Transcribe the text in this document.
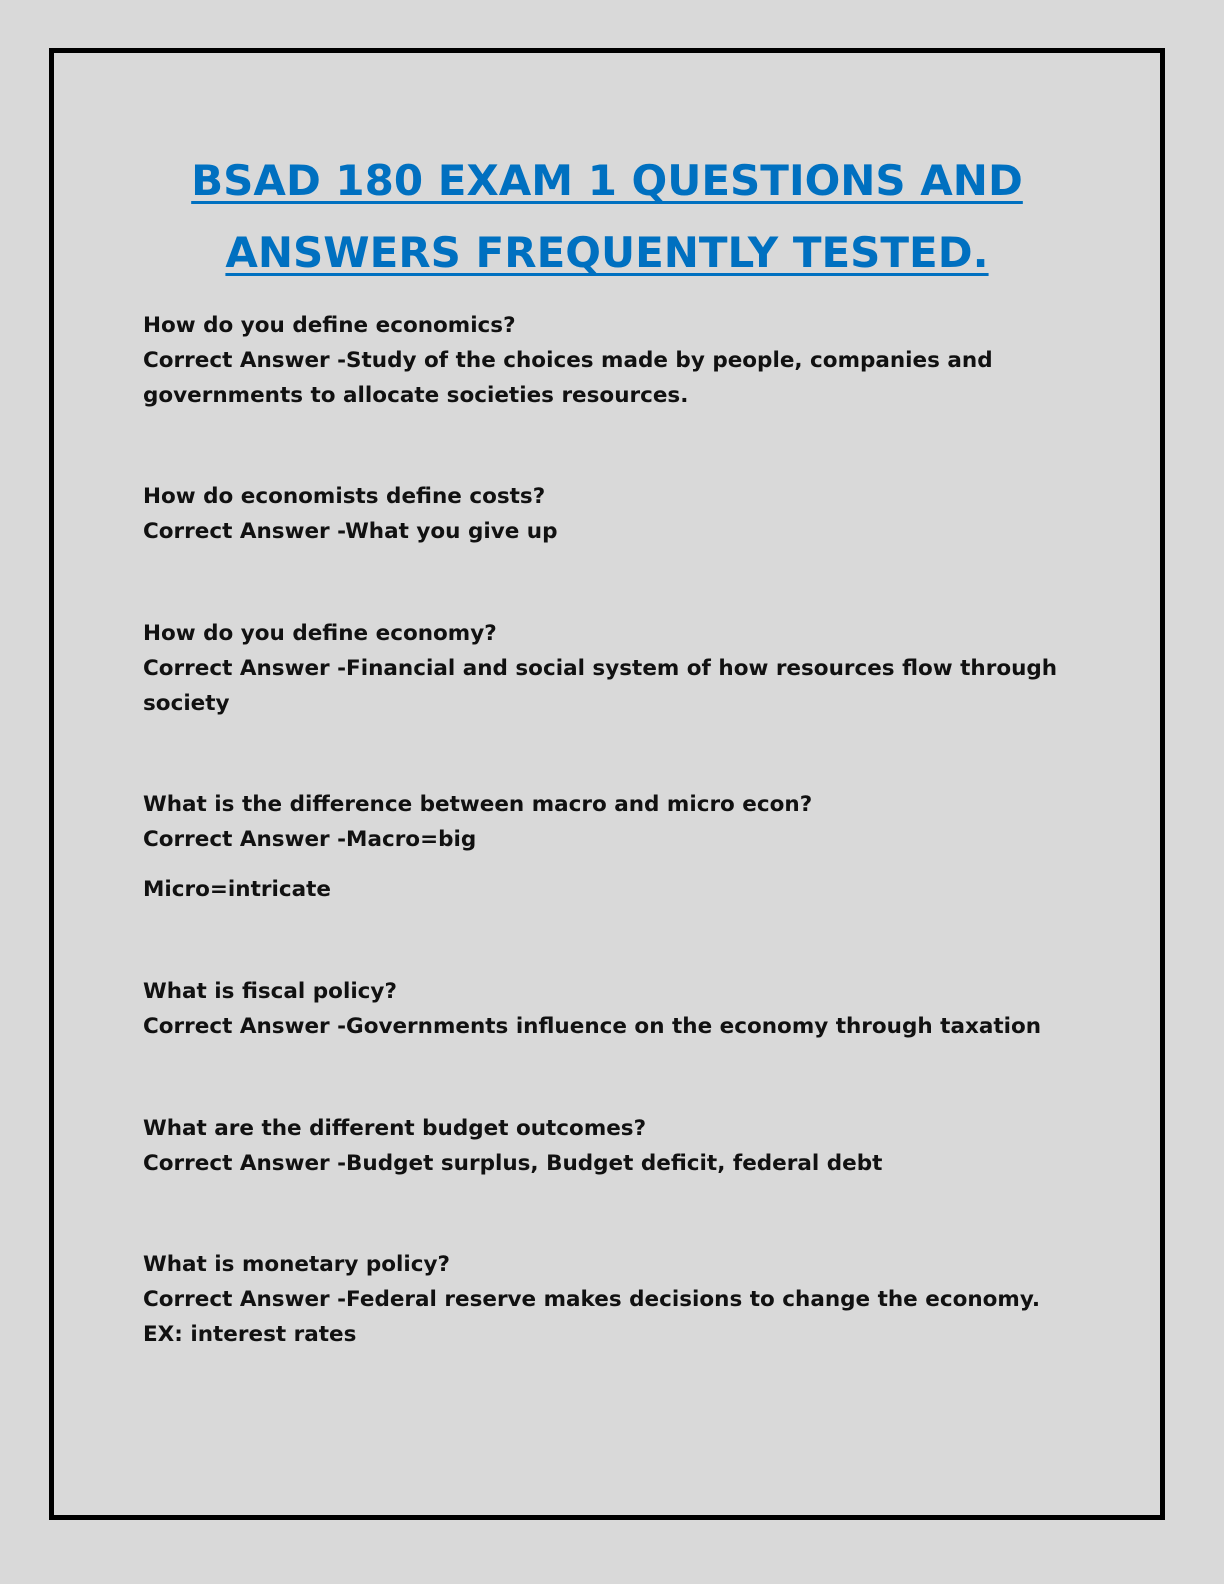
BSAD 180 EXAM 1 QUESTIONS AND
ANSWERS FREQUENTLY TESTED.

How do you define economics?

Correct Answer -Study of the choices made by people, companies and governments to allocate societies resources.

How do economists define costs?

Correct Answer -What you give up

How do you define economy?

Correct Answer -Financial and social system of how resources flow through society

What is the difference between macro and micro econ?

Correct Answer -Macro=big

Micro=intricate

What is fiscal policy?

Correct Answer -Governments influence on the economy through taxation

What are the different budget outcomes?

Correct Answer -Budget surplus, Budget deficit, federal debt

What is monetary policy?

Correct Answer -Federal reserve makes decisions to change the economy.

EX: interest rates
